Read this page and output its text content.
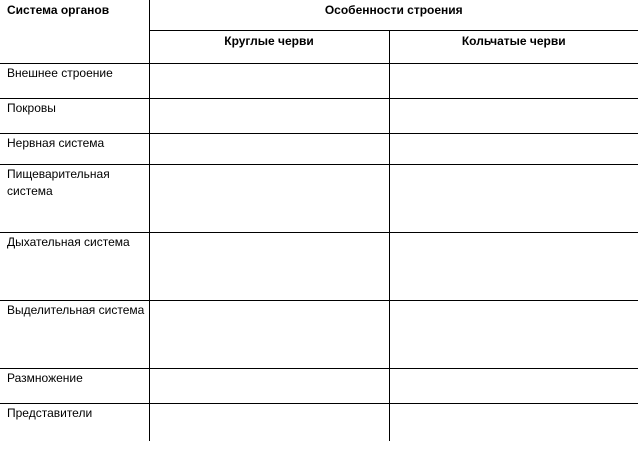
Система органов	Особенности строения	
	Круглые черви	Кольчатые черви
Внешнее строение		
Покровы		
Нервная система		
Пищеварительная система		
Дыхательная система		
Выделительная система		
Размножение		
Представители		
